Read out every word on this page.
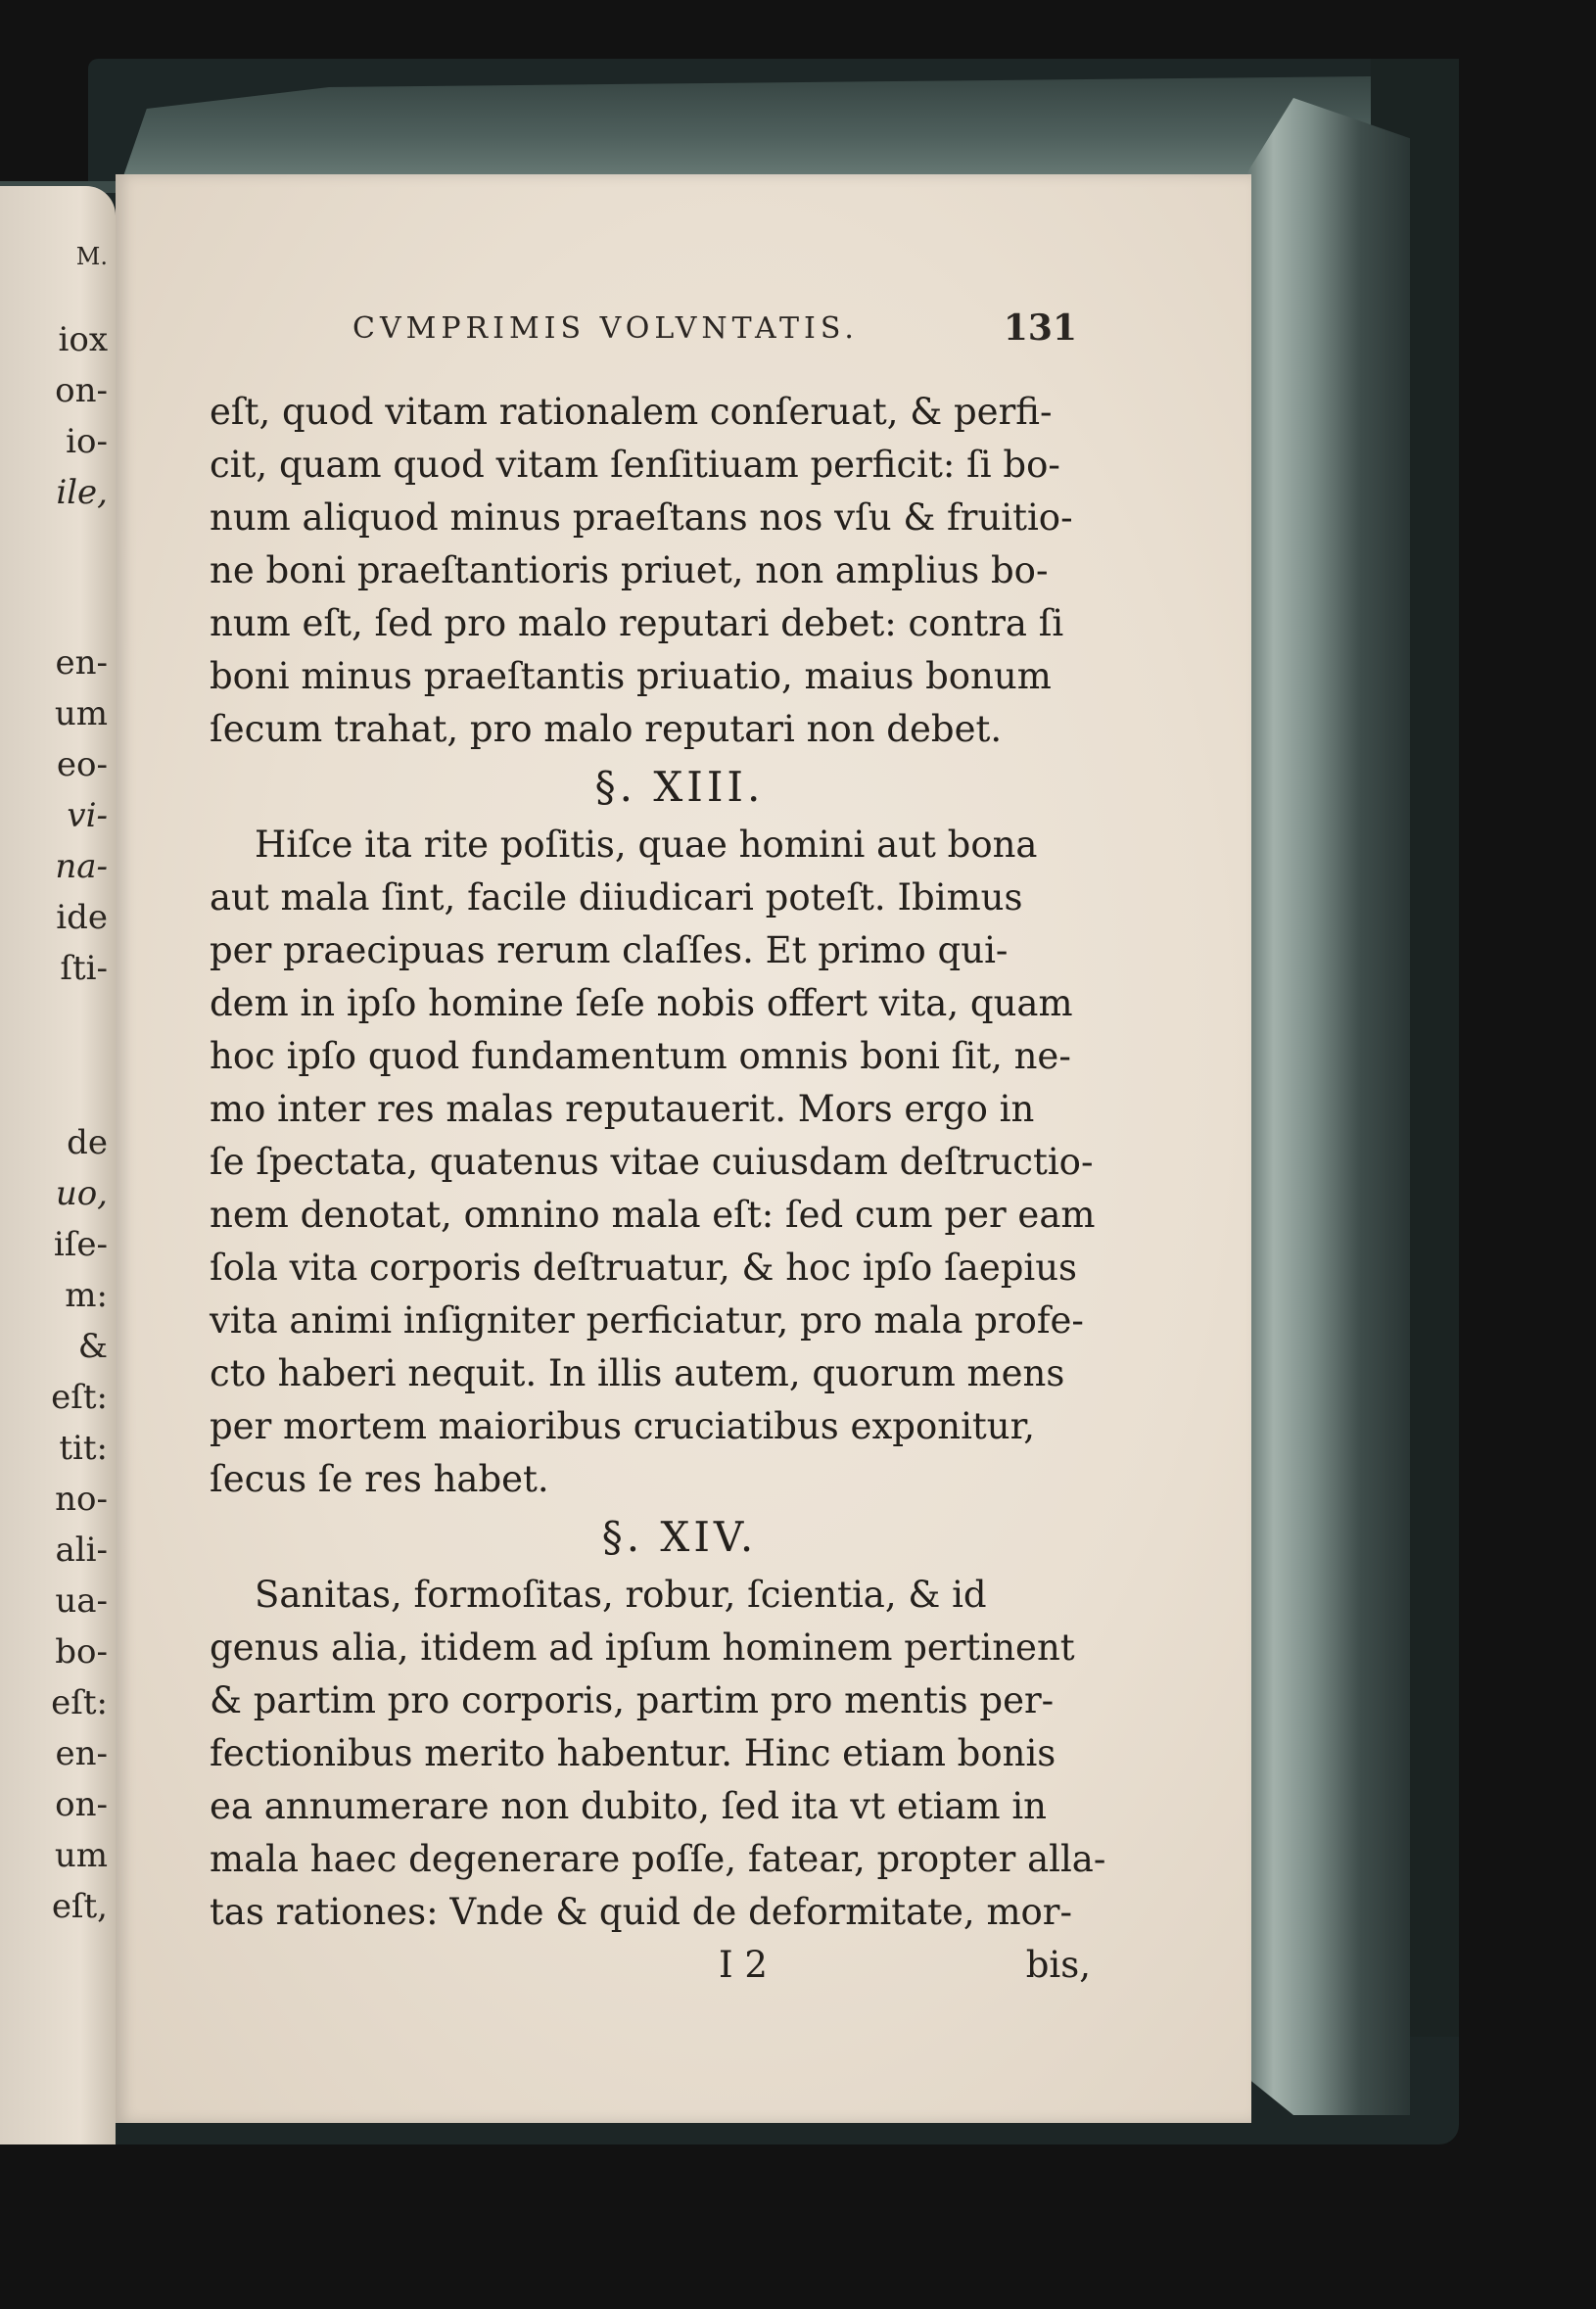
M.
iox
on-
io-
ile,
en-
um
eo-
vi-
na-
ide
ſti-
de
uo,
iſe-
m:
&
eſt:
tit:
no-
ali-
ua-
bo-
eſt:
en-
on-
um
eſt,
CVMPRIMIS VOLVNTATIS.	131
eſt, quod vitam rationalem conſeruat, & perfi-
cit, quam quod vitam ſenſitiuam perficit: ſi bo-
num aliquod minus praeſtans nos vſu & fruitio-
ne boni praeſtantioris priuet, non amplius bo-
num eſt, ſed pro malo reputari debet: contra ſi
boni minus praeſtantis priuatio, maius bonum
ſecum trahat, pro malo reputari non debet.
§. XIII.
Hiſce ita rite poſitis, quae homini aut bona
aut mala ſint, facile diiudicari poteſt. Ibimus
per praecipuas rerum claſſes. Et primo qui-
dem in ipſo homine ſeſe nobis offert vita, quam
hoc ipſo quod fundamentum omnis boni ſit, ne-
mo inter res malas reputauerit. Mors ergo in
ſe ſpectata, quatenus vitae cuiusdam deſtructio-
nem denotat, omnino mala eſt: ſed cum per eam
ſola vita corporis deſtruatur, & hoc ipſo ſaepius
vita animi inſigniter perficiatur, pro mala profe-
cto haberi nequit. In illis autem, quorum mens
per mortem maioribus cruciatibus exponitur,
ſecus ſe res habet.
§. XIV.
Sanitas, formoſitas, robur, ſcientia, & id
genus alia, itidem ad ipſum hominem pertinent
& partim pro corporis, partim pro mentis per-
fectionibus merito habentur. Hinc etiam bonis
ea annumerare non dubito, ſed ita vt etiam in
mala haec degenerare poſſe, fatear, propter alla-
tas rationes: Vnde & quid de deformitate, mor-
I 2	bis,
